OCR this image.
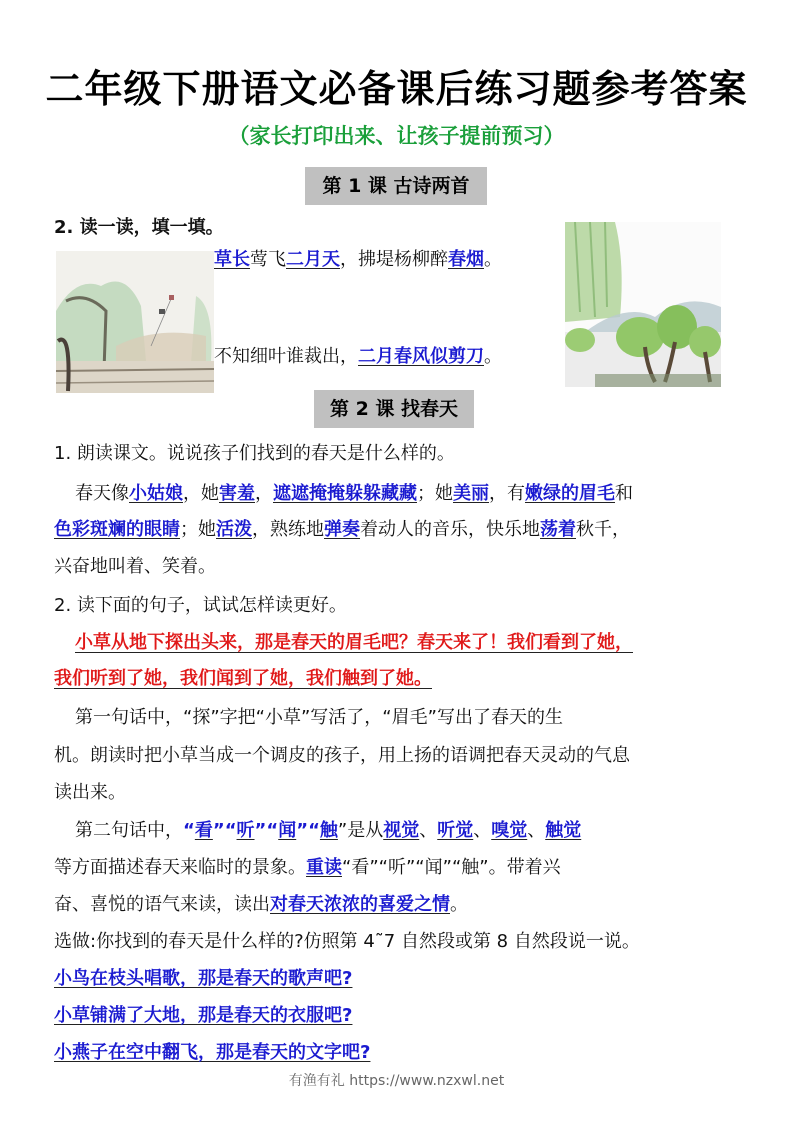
二年级下册语文必备课后练习题参考答案
（家长打印出来、让孩子提前预习）
第 1 课 古诗两首
2. 读一读，填一填。
草长莺飞二月天，拂堤杨柳醉春烟。
不知细叶谁裁出，二月春风似剪刀。
第 2 课 找春天
1. 朗读课文。说说孩子们找到的春天是什么样的。
春天像小姑娘，她害羞，遮遮掩掩躲躲藏藏；她美丽，有嫩绿的眉毛和
色彩斑斓的眼睛；她活泼，熟练地弹奏着动人的音乐，快乐地荡着秋千，
兴奋地叫着、笑着。
2. 读下面的句子，试试怎样读更好。
小草从地下探出头来，那是春天的眉毛吧？春天来了！我们看到了她，
我们听到了她，我们闻到了她，我们触到了她。
第一句话中，“探”字把“小草”写活了，“眉毛”写出了春天的生
机。朗读时把小草当成一个调皮的孩子，用上扬的语调把春天灵动的气息
读出来。
第二句话中，“看”“听”“闻”“触”是从视觉、听觉、嗅觉、触觉
等方面描述春天来临时的景象。重读“看”“听”“闻”“触”。带着兴
奋、喜悦的语气来读，读出对春天浓浓的喜爱之情。
选做:你找到的春天是什么样的?仿照第 4˜7 自然段或第 8 自然段说一说。
小鸟在枝头唱歌，那是春天的歌声吧?
小草铺满了大地，那是春天的衣服吧?
小燕子在空中翻飞，那是春天的文字吧?
有渔有礼 https://www.nzxwl.net
